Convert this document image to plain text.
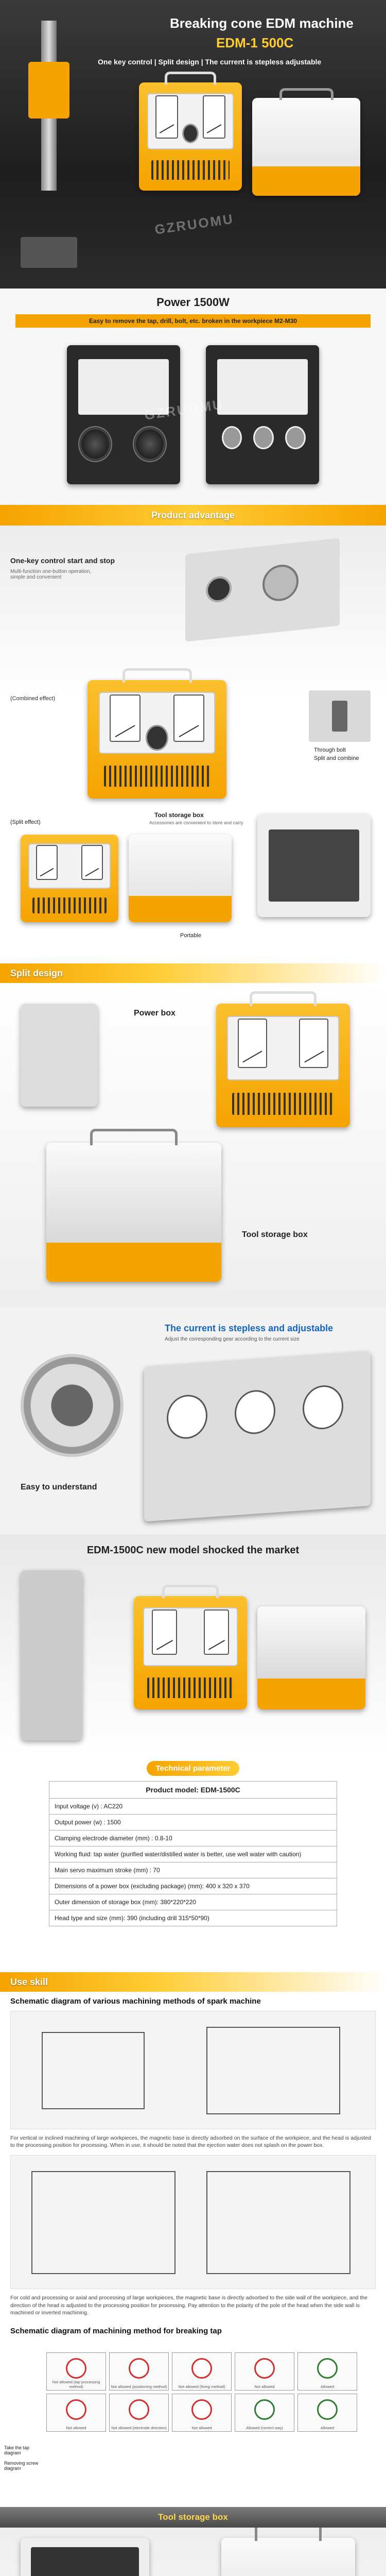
Breaking cone EDM machine
EDM-1 500C
One key control | Split design | The current is stepless adjustable
GZRUOMU
Power 1500W
Easy to remove the tap, drill, bolt, etc. broken in the workpiece M2-M30
GZRUOMU
Product advantage
One-key control start and stop
Multi-function one-button operation, simple and convenient
(Combined effect)
Through bolt
Split and combine
(Split effect)
Tool storage box
Accessories are convenient to store and carry
Portable
Split design
Power box
Tool storage box
The current is stepless and adjustable
Adjust the corresponding gear according to the current size
Easy to understand
EDM-1500C new model shocked the market
Technical parameter
Product model: EDM-1500C
Input voltage (v) : AC220
Output power (w) : 1500
Clamping electrode diameter (mm) : 0.8-10
Working fluid: tap water (purified water/distilled water is better, use well water with caution)
Main servo maximum stroke (mm) : 70
Dimensions of a power box (excluding package) (mm): 400 x 320 x 370
Outer dimension of storage box (mm): 380*220*220
Head type and size (mm): 390 (including drill 315*50*90)
Use skill
Schematic diagram of various machining methods of spark machine
For vertical or inclined machining of large workpieces, the magnetic base is directly adsorbed on the surface of the workpiece, and the head is adjusted to the processing position for processing. When in use, it should be noted that the ejection water does not splash on the power box.
For cold and processing or axial and processing of large workpieces, the magnetic base is directly adsorbed to the side wall of the workpiece, and the direction of the head is adjusted to the processing position for processing. Pay attention to the polarity of the pole of the head when the side wall is machined or inverted machining.
Schematic diagram of machining method for breaking tap
Not allowed (tap processing method)	Not allowed (positioning method)	Not allowed (fixing method)	Not allowed	Allowed
Not allowed	Not allowed (electrode direction)	Not allowed	Allowed (correct way)	Allowed
Take the tap diagram
Removing screw diagram
Tool storage box
